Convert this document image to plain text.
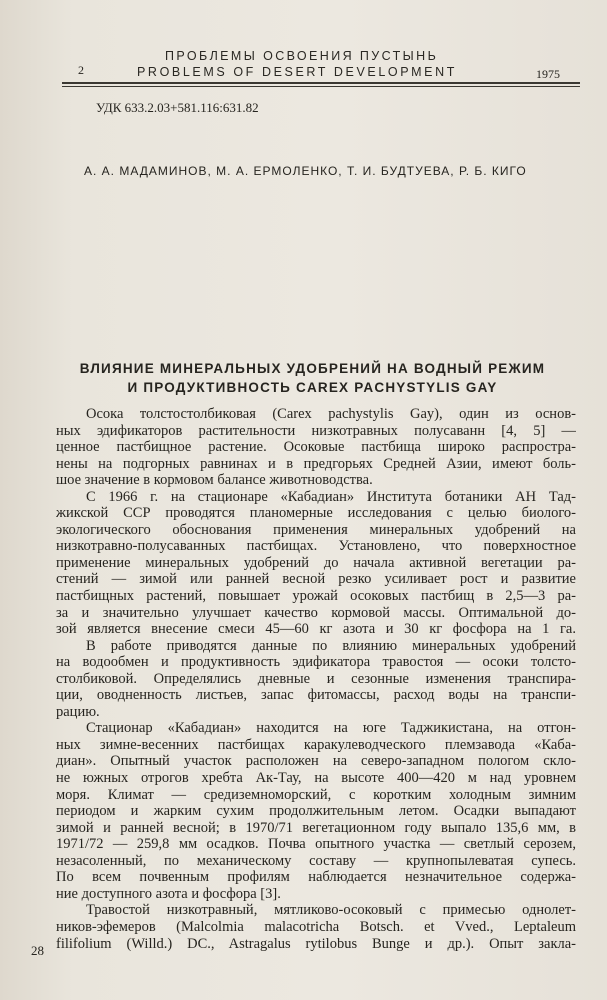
ПРОБЛЕМЫ ОСВОЕНИЯ ПУСТЫНЬ
2	PROBLEMS OF DESERT DEVELOPMENT	1975
УДК 633.2.03+581.116:631.82
А. А. МАДАМИНОВ, М. А. ЕРМОЛЕНКО, Т. И. БУДТУЕВА, Р. Б. КИГО
ВЛИЯНИЕ МИНЕРАЛЬНЫХ УДОБРЕНИЙ НА ВОДНЫЙ РЕЖИМ
И ПРОДУКТИВНОСТЬ CAREX PACHYSTYLIS GAY
Осока толстостолбиковая (Carex pachystylis Gay), один из основ-
ных эдификаторов растительности низкотравных полусаванн [4, 5] —
ценное пастбищное растение. Осоковые пастбища широко распростра-
нены на подгорных равнинах и в предгорьях Средней Азии, имеют боль-
шое значение в кормовом балансе животноводства.
С 1966 г. на стационаре «Кабадиан» Института ботаники АН Тад-
жикской ССР проводятся планомерные исследования с целью биолого-
экологического обоснования применения минеральных удобрений на
низкотравно-полусаванных пастбищах. Установлено, что поверхностное
применение минеральных удобрений до начала активной вегетации ра-
стений — зимой или ранней весной резко усиливает рост и развитие
пастбищных растений, повышает урожай осоковых пастбищ в 2,5—3 ра-
за и значительно улучшает качество кормовой массы. Оптимальной до-
зой является внесение смеси 45—60 кг азота и 30 кг фосфора на 1 га.
В работе приводятся данные по влиянию минеральных удобрений
на водообмен и продуктивность эдификатора травостоя — осоки толсто-
столбиковой. Определялись дневные и сезонные изменения транспира-
ции, оводненность листьев, запас фитомассы, расход воды на транспи-
рацию.
Стационар «Кабадиан» находится на юге Таджикистана, на отгон-
ных зимне-весенних пастбищах каракулеводческого племзавода «Каба-
диан». Опытный участок расположен на северо-западном пологом скло-
не южных отрогов хребта Ак-Тау, на высоте 400—420 м над уровнем
моря. Климат — средиземноморский, с коротким холодным зимним
периодом и жарким сухим продолжительным летом. Осадки выпадают
зимой и ранней весной; в 1970/71 вегетационном году выпало 135,6 мм, в
1971/72 — 259,8 мм осадков. Почва опытного участка — светлый серозем,
незасоленный, по механическому составу — крупнопылеватая супесь.
По всем почвенным профилям наблюдается незначительное содержа-
ние доступного азота и фосфора [3].
Травостой низкотравный, мятликово-осоковый с примесью однолет-
ников-эфемеров (Malcolmia malacotricha Botsch. et Vved., Leptaleum
filifolium (Willd.) DC., Astragalus rytilobus Bunge и др.). Опыт закла-
28
